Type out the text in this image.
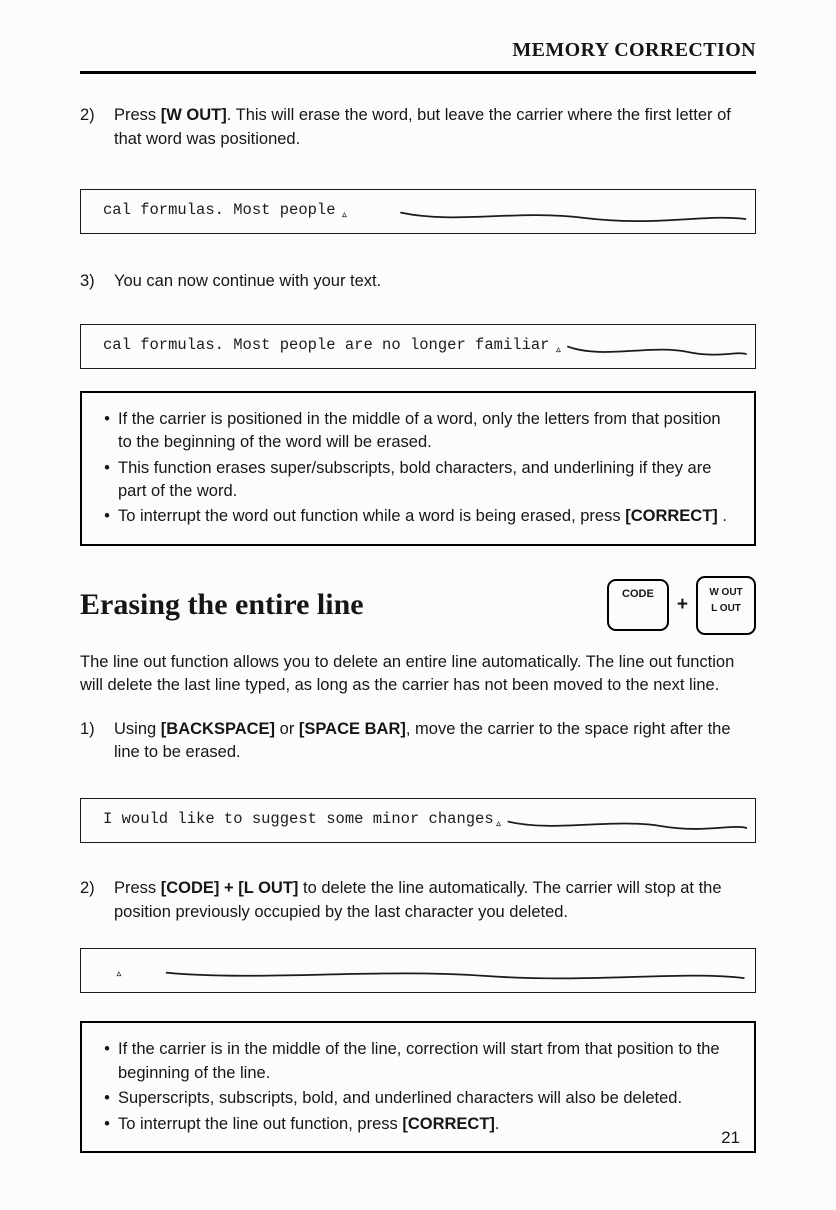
MEMORY CORRECTION
2)	Press [W OUT]. This will erase the word, but leave the carrier where the first letter of that word was positioned.

cal formulas. Most people $_▵$
3)	You can now continue with your text.

cal formulas. Most people are no longer familiar $_▵$
• If the carrier is positioned in the middle of a word, only the letters from that position to the beginning of the word will be erased.
• This function erases super/subscripts, bold characters, and underlining if they are part of the word.
• To interrupt the word out function while a word is being erased, press [CORRECT] .
Erasing the entire line	CODE +
W OUT
L OUT

The line out function allows you to delete an entire line automatically. The line out function will delete the last line typed, as long as the carrier has not been moved to the next line.

1)	Using [BACKSPACE] or [SPACE BAR], move the carrier to the space right after the line to be erased.

I would like to suggest some minor changes$_▵$
2)	Press [CODE] + [L OUT] to delete the line automatically. The carrier will stop at the position previously occupied by the last character you deleted.

$_▵$
• If the carrier is in the middle of the line, correction will start from that position to the beginning of the line.
• Superscripts, subscripts, bold, and underlined characters will also be deleted.
• To interrupt the line out function, press [CORRECT].
21
